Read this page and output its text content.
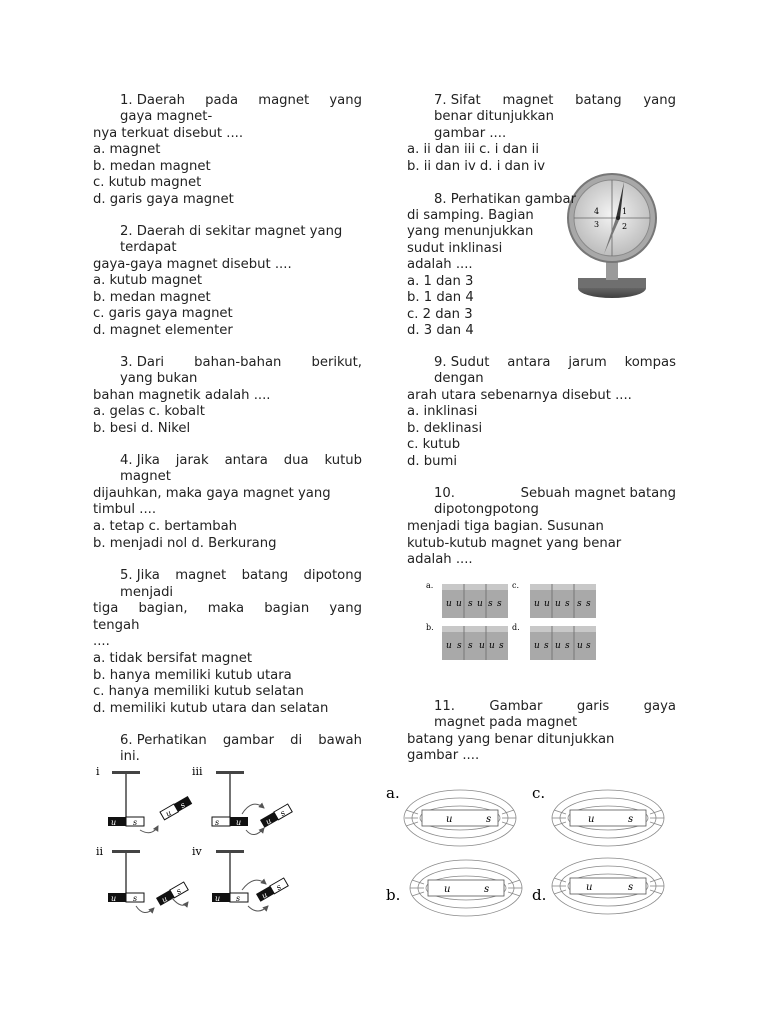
1. Daerah pada magnet yang
gaya magnet-
nya terkuat disebut ....
a. magnet
b. medan magnet
c. kutub magnet
d. garis gaya magnet
2. Daerah di sekitar magnet yang
terdapat
gaya-gaya magnet disebut ....
a. kutub magnet
b. medan magnet
c. garis gaya magnet
d. magnet elementer
3. Dari bahan-bahan berikut,
yang bukan
bahan magnetik adalah ....
a. gelas c. kobalt
b. besi d. Nikel
4. Jika jarak antara dua kutub
magnet
dijauhkan, maka gaya magnet yang
timbul ....
a. tetap c. bertambah
b. menjadi nol d. Berkurang
5. Jika magnet batang dipotong
menjadi
tiga bagian, maka bagian yang
tengah
....
a. tidak bersifat magnet
b. hanya memiliki kutub utara
c. hanya memiliki kutub selatan
d. memiliki kutub utara dan selatan
6. Perhatikan gambar di bawah
ini.
i
u s
u
s
iii
s u	u
s
ii
u s	u
s
iv
u s u
s
7. Sifat magnet batang yang
benar ditunjukkan
gambar ....
a. ii dan iii c. i dan ii
b. ii dan iv d. i dan iv
4	1
3	2
8. Perhatikan gambar
di samping. Bagian
yang menunjukkan
sudut inklinasi
adalah ....
a. 1 dan 3
b. 1 dan 4
c. 2 dan 3
d. 3 dan 4
9. Sudut antara jarum kompas
dengan
arah utara sebenarnya disebut ....
a. inklinasi
b. deklinasi
c. kutub
d. bumi
10.	Sebuah magnet batang
dipotongpotong
menjadi tiga bagian. Susunan
kutub-kutub magnet yang benar
adalah ....
a.	c.
b.	d.
u u s u s s	u u u s s s
u s s u u s	u s u s u s
11.	Gambar	garis	gaya
magnet pada magnet
batang yang benar ditunjukkan
gambar ....
a.	c.
b.	d.
u	s	u	s
u	s	u	s
